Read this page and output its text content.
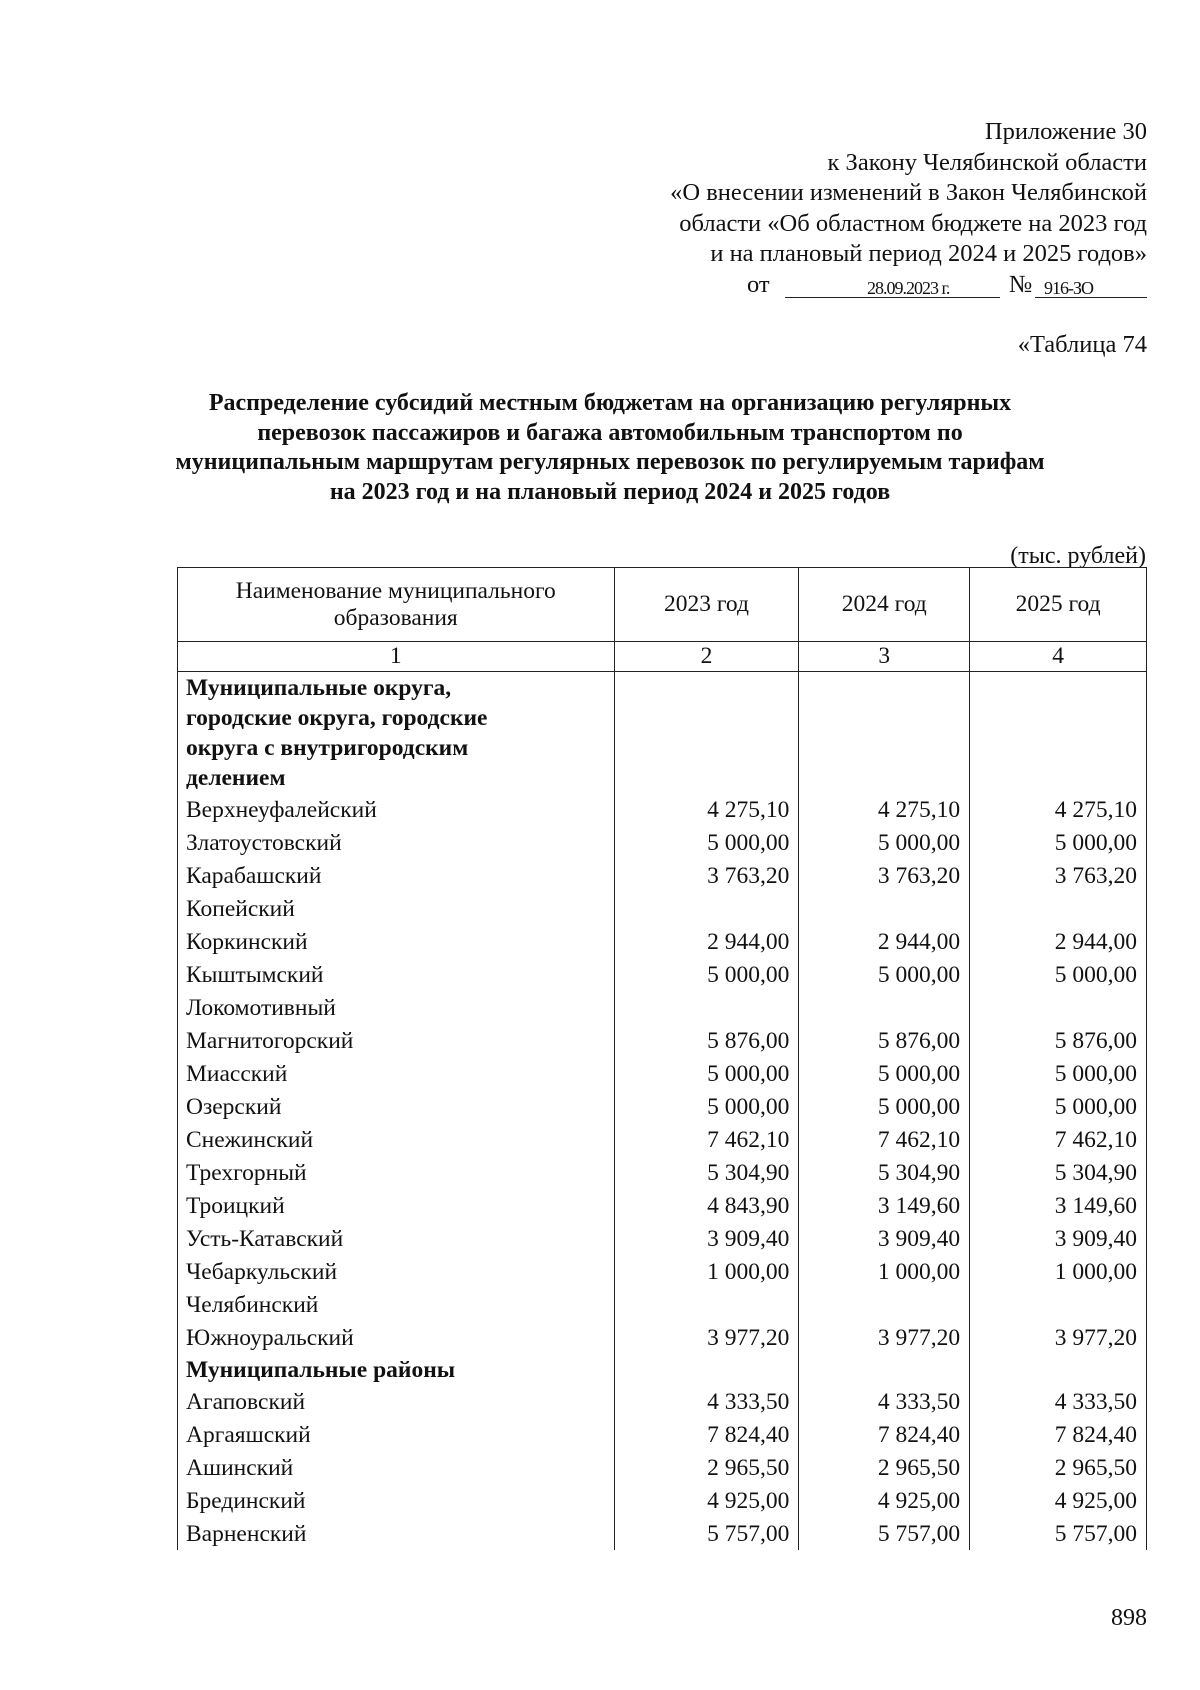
Приложение 30
к Закону Челябинской области
«О внесении изменений в Закон Челябинской
области «Об областном бюджете на 2023 год
и на плановый период 2024 и 2025 годов»
от	28.09.2023 г. № 916-ЗО
«Таблица 74
Распределение субсидий местным бюджетам на организацию регулярных
перевозок пассажиров и багажа автомобильным транспортом по
муниципальным маршрутам регулярных перевозок по регулируемым тарифам
на 2023 год и на плановый период 2024 и 2025 годов
(тыс. рублей)
Наименование муниципального образования	2023 год	2024 год	2025 год
1	2	3	4

Муниципальные округа,
городские округа, городские
округа с внутригородским
делением			

Верхнеуфалейский	4 275,10	4 275,10	4 275,10
Златоустовский	5 000,00	5 000,00	5 000,00
Карабашский	3 763,20	3 763,20	3 763,20
Копейский			
Коркинский	2 944,00	2 944,00	2 944,00
Кыштымский	5 000,00	5 000,00	5 000,00
Локомотивный			
Магнитогорский	5 876,00	5 876,00	5 876,00
Миасский	5 000,00	5 000,00	5 000,00
Озерский	5 000,00	5 000,00	5 000,00
Снежинский	7 462,10	7 462,10	7 462,10
Трехгорный	5 304,90	5 304,90	5 304,90
Троицкий	4 843,90	3 149,60	3 149,60
Усть-Катавский	3 909,40	3 909,40	3 909,40
Чебаркульский	1 000,00	1 000,00	1 000,00
Челябинский			
Южноуральский	3 977,20	3 977,20	3 977,20

Муниципальные районы			

Агаповский	4 333,50	4 333,50	4 333,50
Аргаяшский	7 824,40	7 824,40	7 824,40
Ашинский	2 965,50	2 965,50	2 965,50
Брединский	4 925,00	4 925,00	4 925,00
Варненский	5 757,00	5 757,00	5 757,00
898
